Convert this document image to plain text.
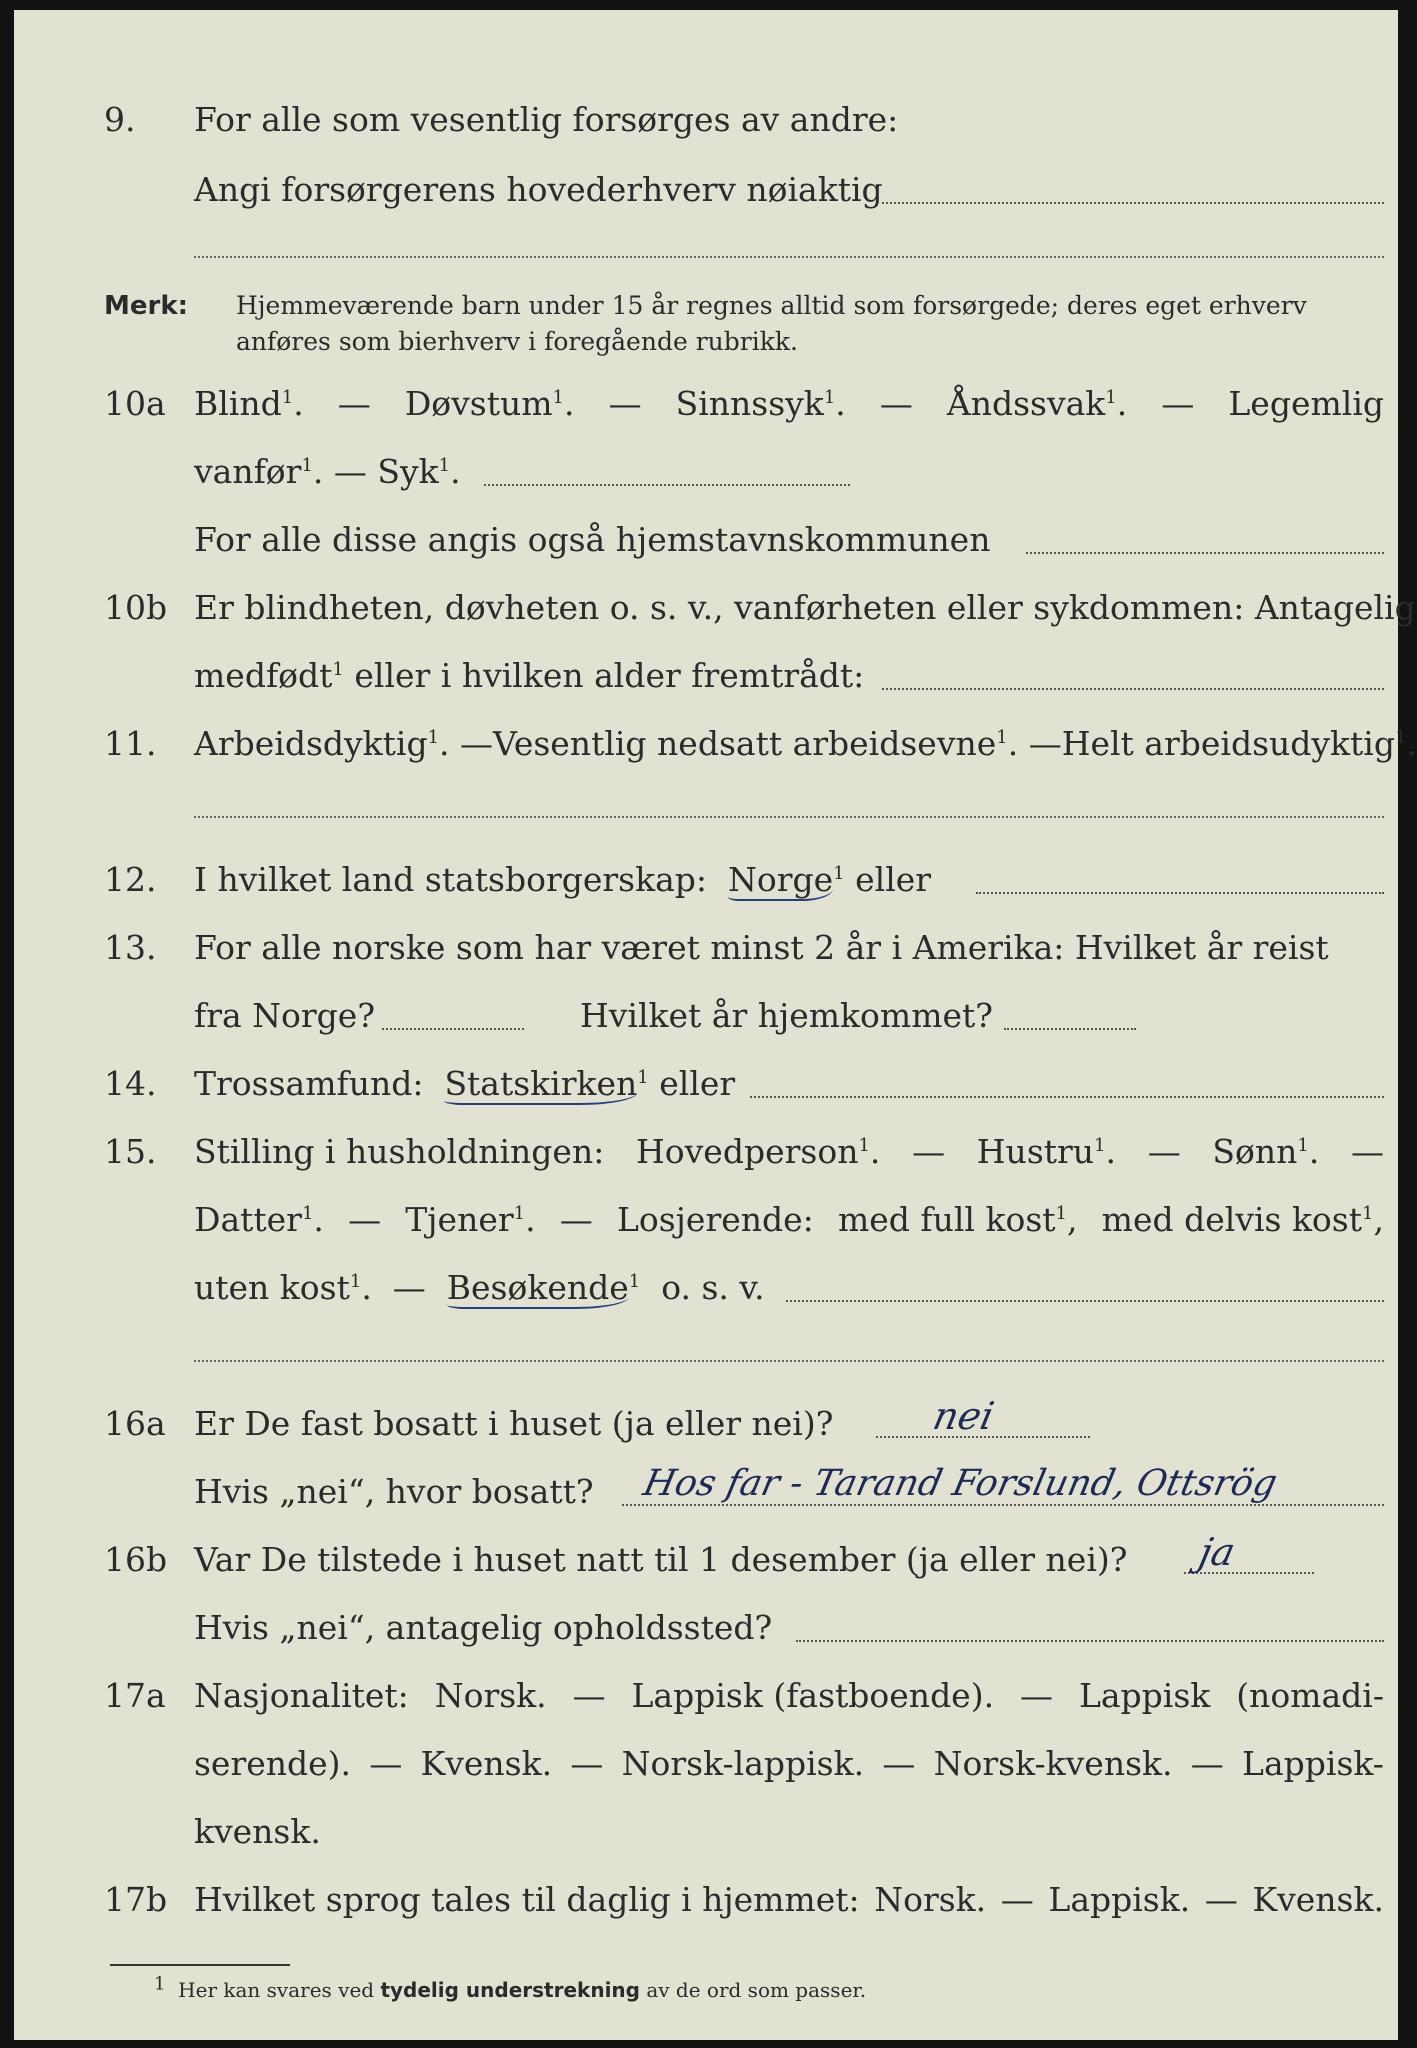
9. For alle som vesentlig forsørges av andre:
Angi forsørgerens hovederhverv nøiaktig
Merk: Hjemmeværende barn under 15 år regnes alltid som forsørgede; deres eget erhverv
anføres som bierhverv i foregående rubrikk.
10a Blind$^1$. — Døvstum$^1$. — Sinnssyk$^1$. — Åndssvak$^1$. — Legemlig
vanfør$^1$. — Syk$^1$.
For alle disse angis også hjemstavnskommunen
10b Er blindheten, døvheten o. s. v., vanførheten eller sykdommen: Antagelig
medfødt$^1$ eller i hvilken alder fremtrådt:
11. Arbeidsdyktig$^1$. — Vesentlig nedsatt arbeidsevne$^1$. — Helt arbeidsudyktig$^1$.
12. I hvilket land statsborgerskap: Norge$^1$ eller
13. For alle norske som har været minst 2 år i Amerika: Hvilket år reist
fra Norge?	Hvilket år hjemkommet?
14. Trossamfund: Statskirken$^1$ eller
15. Stilling i husholdningen: Hovedperson$^1$. — Hustru$^1$. — Sønn$^1$. —
Datter$^1$. — Tjener$^1$. — Losjerende: med full kost$^1$, med delvis kost$^1$,
uten kost$^1$.  — Besøkende$^1$ o. s. v.
16a Er De fast bosatt i huset (ja eller nei)?	nei
Hvis „nei“, hvor bosatt? Hos far - Tarand Forslund, Ottsrög
16b Var De tilstede i huset natt til 1 desember (ja eller nei)? ja
Hvis „nei“, antagelig opholdssted?
17a Nasjonalitet: Norsk. — Lappisk (fastboende). — Lappisk (nomadi-
serende). — Kvensk. — Norsk-lappisk. — Norsk-kvensk. — Lappisk-
kvensk.
17b Hvilket sprog tales til daglig i hjemmet: Norsk. — Lappisk. — Kvensk.
$^1$ Her kan svares ved tydelig understrekning av de ord som passer.
